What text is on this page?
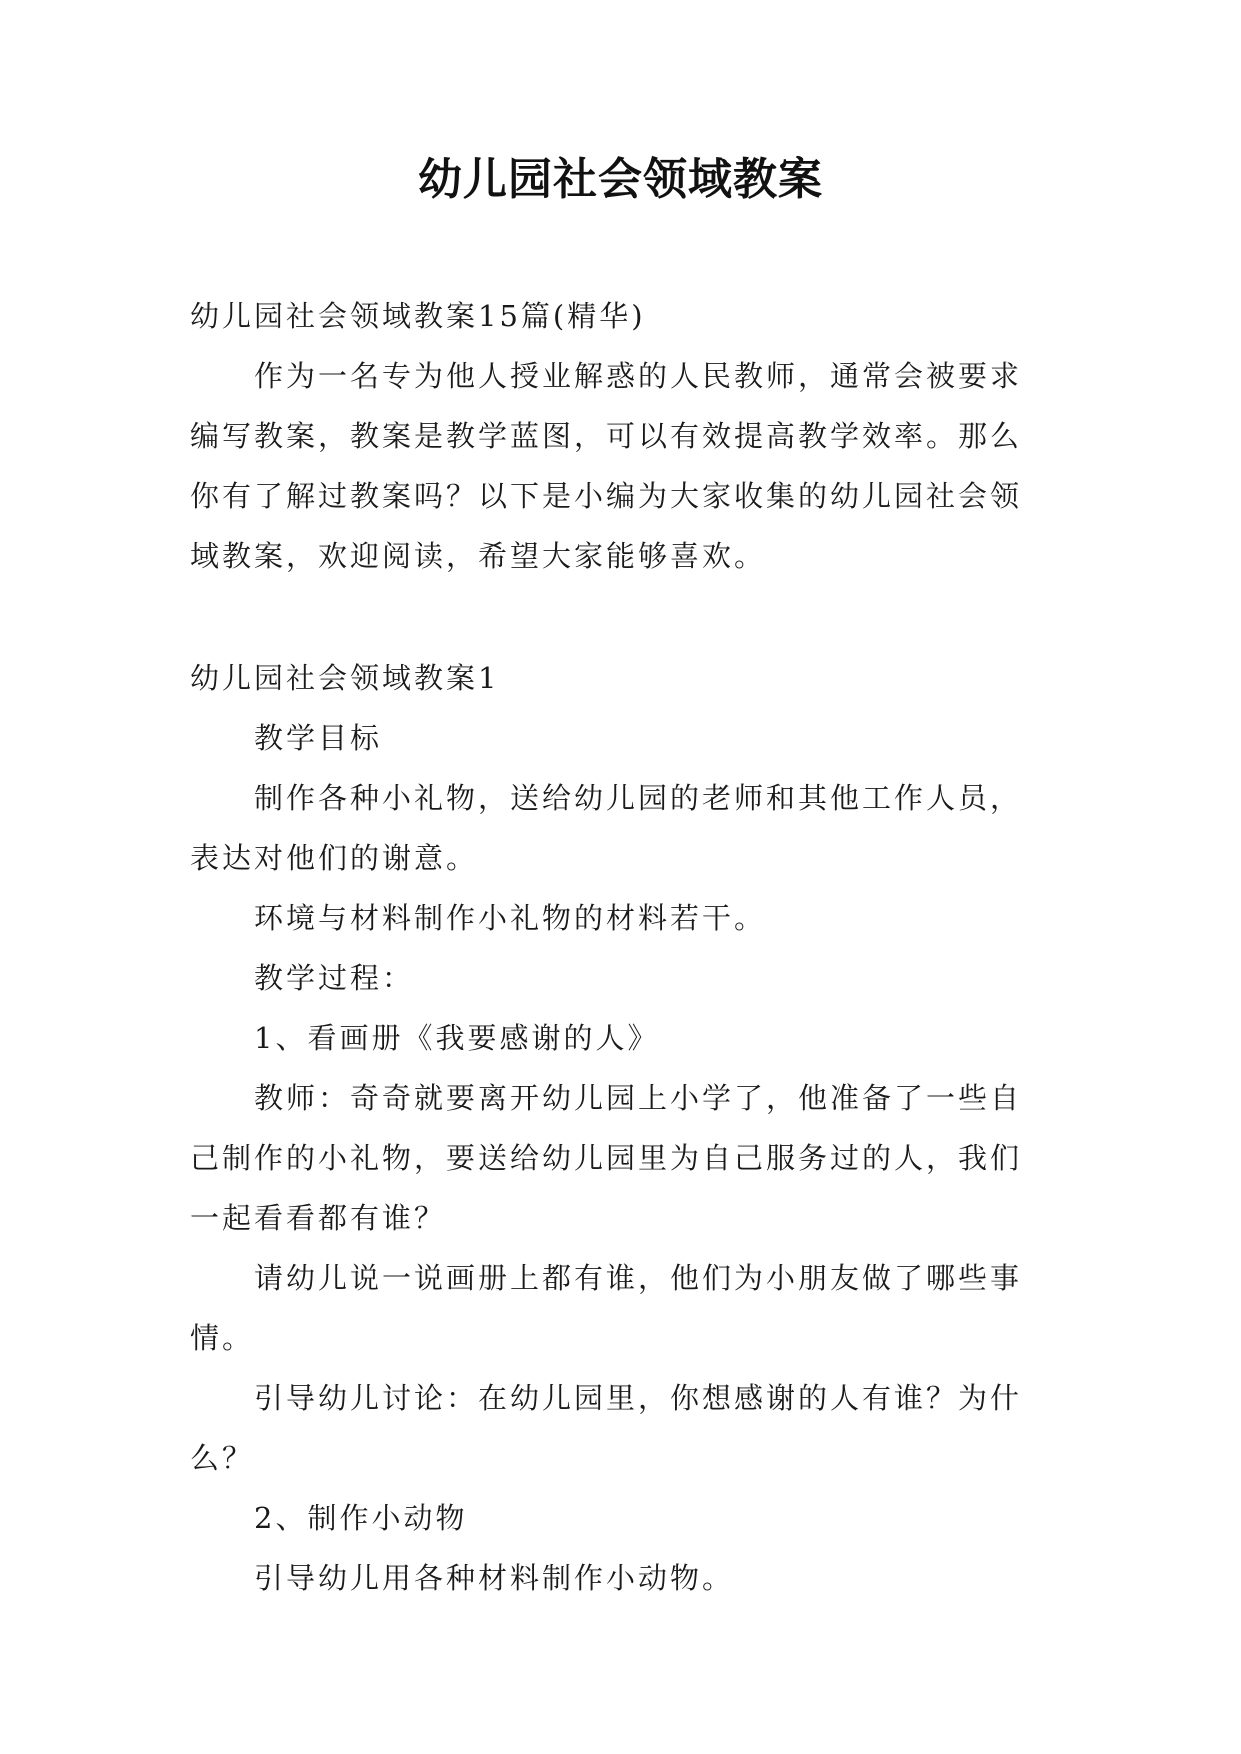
幼儿园社会领域教案

幼儿园社会领域教案15篇(精华)

作为一名专为他人授业解惑的人民教师，通常会被要求编写教案，教案是教学蓝图，可以有效提高教学效率。那么你有了解过教案吗？以下是小编为大家收集的幼儿园社会领域教案，欢迎阅读，希望大家能够喜欢。

幼儿园社会领域教案1

教学目标

制作各种小礼物，送给幼儿园的老师和其他工作人员，表达对他们的谢意。

环境与材料制作小礼物的材料若干。

教学过程：

1、看画册《我要感谢的人》

教师：奇奇就要离开幼儿园上小学了，他准备了一些自己制作的小礼物，要送给幼儿园里为自己服务过的人，我们一起看看都有谁？

请幼儿说一说画册上都有谁，他们为小朋友做了哪些事情。

引导幼儿讨论：在幼儿园里，你想感谢的人有谁？为什么？

2、制作小动物

引导幼儿用各种材料制作小动物。
